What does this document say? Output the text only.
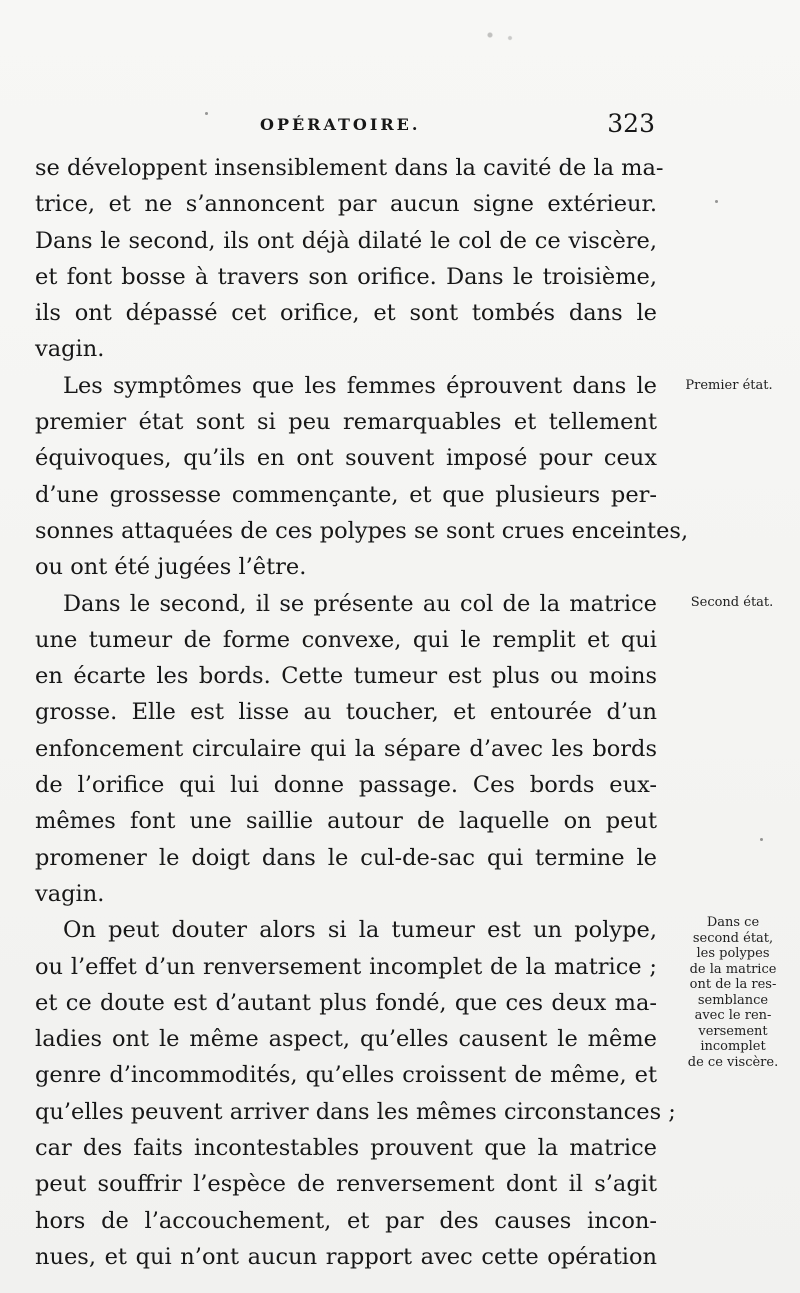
OPÉRATOIRE.	323
se développent insensiblement dans la cavité de la ma-
trice, et ne s’annoncent par aucun signe extérieur.
Dans le second, ils ont déjà dilaté le col de ce viscère,
et font bosse à travers son orifice. Dans le troisième,
ils ont dépassé cet orifice, et sont tombés dans le
vagin.
Les symptômes que les femmes éprouvent dans le
premier état sont si peu remarquables et tellement
équivoques, qu’ils en ont souvent imposé pour ceux
d’une grossesse commençante, et que plusieurs per-
sonnes attaquées de ces polypes se sont crues enceintes,
ou ont été jugées l’être.
Dans le second, il se présente au col de la matrice
une tumeur de forme convexe, qui le remplit et qui
en écarte les bords. Cette tumeur est plus ou moins
grosse. Elle est lisse au toucher, et entourée d’un
enfoncement circulaire qui la sépare d’avec les bords
de l’orifice qui lui donne passage. Ces bords eux-
mêmes font une saillie autour de laquelle on peut
promener le doigt dans le cul-de-sac qui termine le
vagin.
On peut douter alors si la tumeur est un polype,
ou l’effet d’un renversement incomplet de la matrice ;
et ce doute est d’autant plus fondé, que ces deux ma-
ladies ont le même aspect, qu’elles causent le même
genre d’incommodités, qu’elles croissent de même, et
qu’elles peuvent arriver dans les mêmes circonstances ;
car des faits incontestables prouvent que la matrice
peut souffrir l’espèce de renversement dont il s’agit
hors de l’accouchement, et par des causes incon-
nues, et qui n’ont aucun rapport avec cette opération
Premier état.
Second état.
Dans ce
second état,
les polypes
de la matrice
ont de la res-
semblance
avec le ren-
versement
incomplet
de ce viscère.
